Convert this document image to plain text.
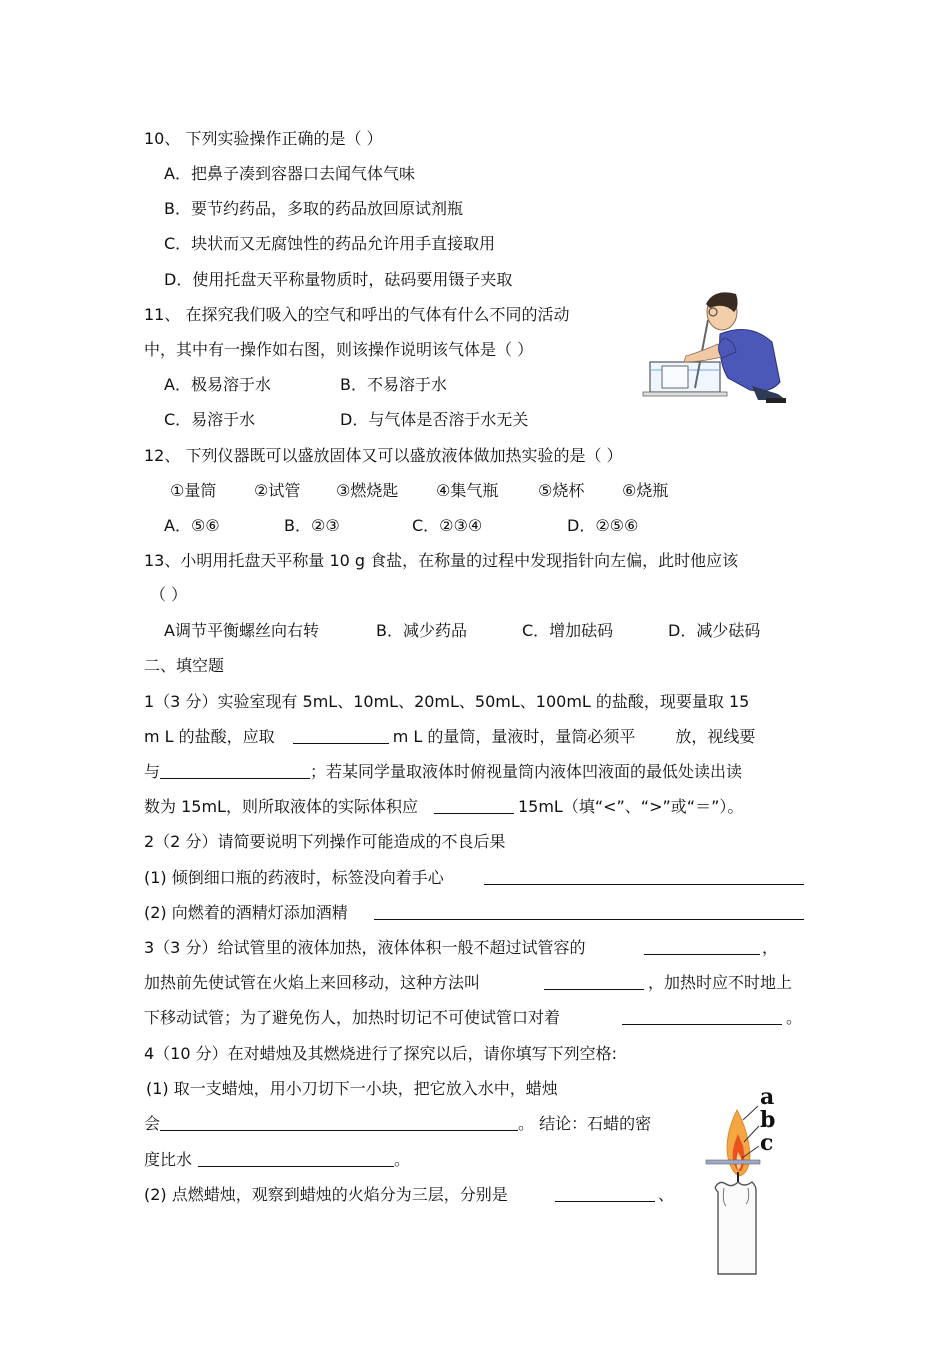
10、 下列实验操作正确的是（ ）
A．把鼻子凑到容器口去闻气体气味
B．要节约药品，多取的药品放回原试剂瓶
C．块状而又无腐蚀性的药品允许用手直接取用
D．使用托盘天平称量物质时，砝码要用镊子夹取
11、 在探究我们吸入的空气和呼出的气体有什么不同的活动
中，其中有一操作如右图，则该操作说明该气体是（ ）
A．极易溶于水	B．不易溶于水
C．易溶于水	D．与气体是否溶于水无关
12、 下列仪器既可以盛放固体又可以盛放液体做加热实验的是（ ）
①量筒 ②试管 ③燃烧匙 ④集气瓶 ⑤烧杯 ⑥烧瓶
A．⑤⑥	B．②③	C．②③④	D．②⑤⑥
13、小明用托盘天平称量 10 g 食盐，在称量的过程中发现指针向左偏，此时他应该
（ ）
A调节平衡螺丝向右转	B．减少药品	C．增加砝码	D．减少砝码
二、填空题
1（3 分）实验室现有 5mL、10mL、20mL、50mL、100mL 的盐酸，现要量取 15
m L 的盐酸，应取	m L 的量筒，量液时，量筒必须平	放，视线要
与	；若某同学量取液体时俯视量筒内液体凹液面的最低处读出读
数为 15mL，则所取液体的实际体积应	15mL（填“<”、“>”或“＝”）。
2（2 分）请简要说明下列操作可能造成的不良后果
(1) 倾倒细口瓶的药液时，标签没向着手心
(2) 向燃着的酒精灯添加酒精
3（3 分）给试管里的液体加热，液体体积一般不超过试管容的	，
加热前先使试管在火焰上来回移动，这种方法叫	，加热时应不时地上
下移动试管；为了避免伤人，加热时切记不可使试管口对着	。
4（10 分）在对蜡烛及其燃烧进行了探究以后，请你填写下列空格:
(1) 取一支蜡烛，用小刀切下一小块，把它放入水中，蜡烛
会	。 结论：石蜡的密
度比水	。
(2) 点燃蜡烛，观察到蜡烛的火焰分为三层，分别是	、
a
b
c
